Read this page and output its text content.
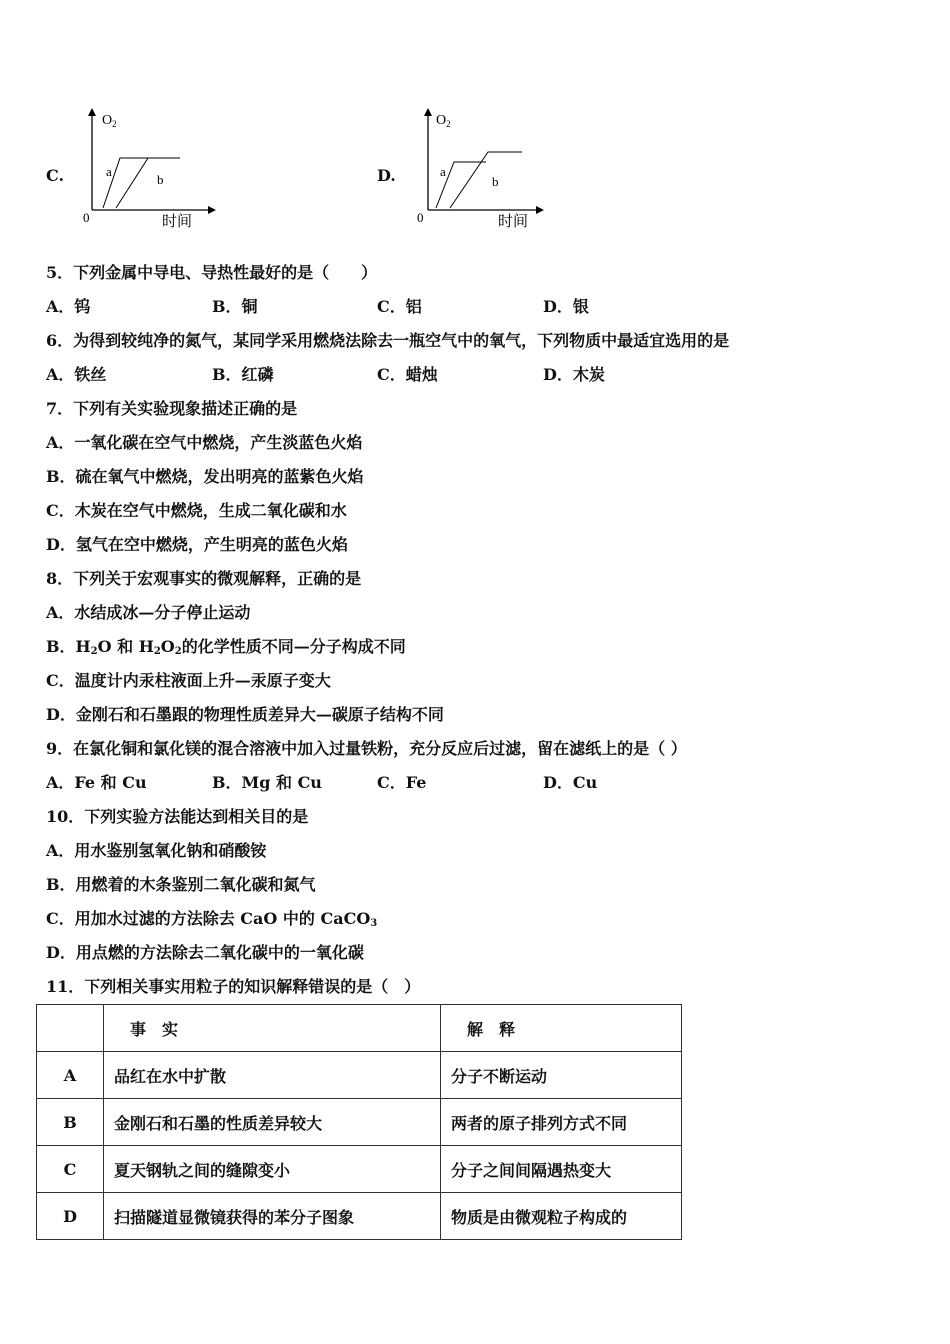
C.
$O_2$
0	时间
a
b	D.
$O_2$
0	时间
a
b
5．下列金属中导电、导热性最好的是（　　）
A．钨	B．铜	C．铝	D．银
6．为得到较纯净的氮气，某同学采用燃烧法除去一瓶空气中的氧气，下列物质中最适宜选用的是
A．铁丝	B．红磷	C．蜡烛	D．木炭
7．下列有关实验现象描述正确的是
A．一氧化碳在空气中燃烧，产生淡蓝色火焰
B．硫在氧气中燃烧，发出明亮的蓝紫色火焰
C．木炭在空气中燃烧，生成二氧化碳和水
D．氢气在空中燃烧，产生明亮的蓝色火焰
8．下列关于宏观事实的微观解释，正确的是
A．水结成冰—分子停止运动
B．$H_2O$ 和 $H_2O_2$的化学性质不同—分子构成不同
C．温度计内汞柱液面上升—汞原子变大
D．金刚石和石墨跟的物理性质差异大—碳原子结构不同
9．在氯化铜和氯化镁的混合溶液中加入过量铁粉，充分反应后过滤，留在滤纸上的是（ ）
A．Fe 和 Cu	B．Mg 和 Cu	C．Fe	D．Cu
10．下列实验方法能达到相关目的是
A．用水鉴别氢氧化钠和硝酸铵
B．用燃着的木条鉴别二氧化碳和氮气
C．用加水过滤的方法除去 CaO 中的 CaCO$_3$
D．用点燃的方法除去二氧化碳中的一氧化碳
11．下列相关事实用粒子的知识解释错误的是（　）
	事　实	解　释
A	品红在水中扩散	分子不断运动
B	金刚石和石墨的性质差异较大	两者的原子排列方式不同
C	夏天钢轨之间的缝隙变小	分子之间间隔遇热变大
D	扫描隧道显微镜获得的苯分子图象	物质是由微观粒子构成的
